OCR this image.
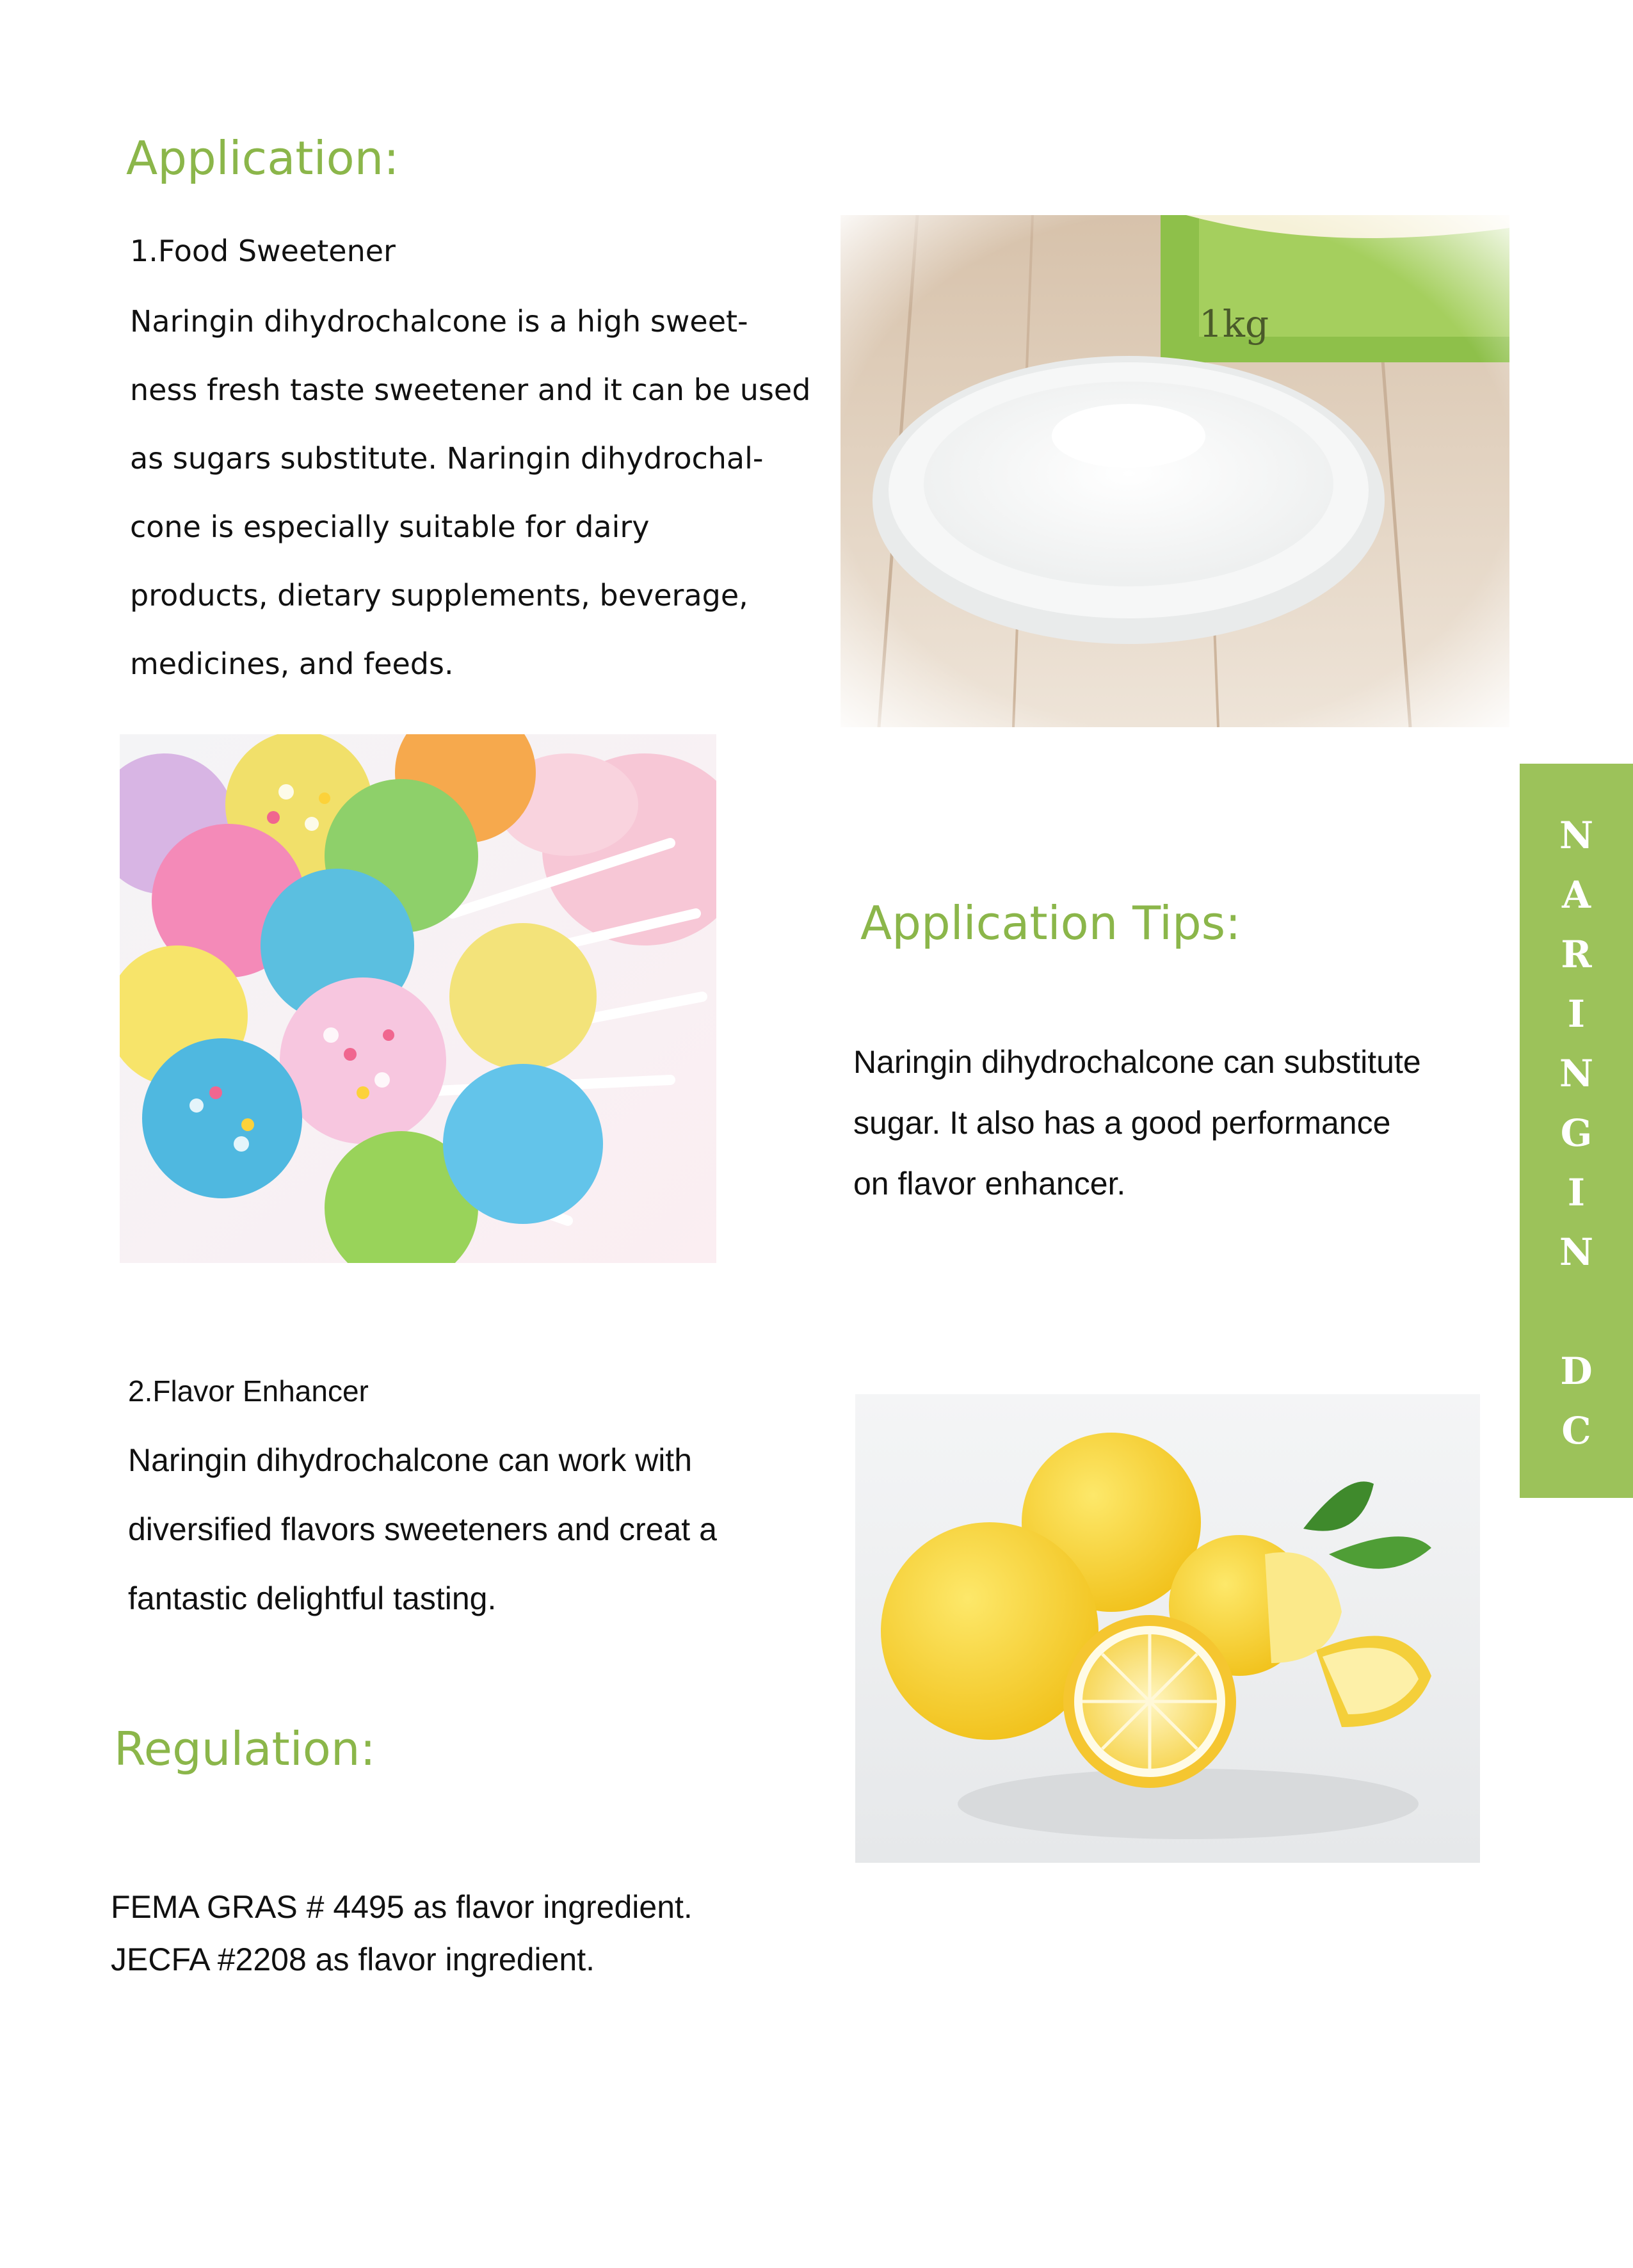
Application:

1.Food Sweetener

Naringin dihydrochalcone is a high sweet-
ness fresh taste sweetener and it can be used
as sugars substitute. Naringin dihydrochal-
cone is especially suitable for dairy
products, dietary supplements, beverage,
medicines, and feeds.
Application Tips:
Naringin dihydrochalcone can substitute
sugar. It also has a good performance
on flavor enhancer.

2.Flavor Enhancer

Naringin dihydrochalcone can work with
diversified flavors sweeteners and creat a
fantastic delightful tasting.
Regulation:
FEMA GRAS # 4495 as flavor ingredient.
JECFA #2208 as flavor ingredient.
N
A
R
I
N
G
I
N
D
C
